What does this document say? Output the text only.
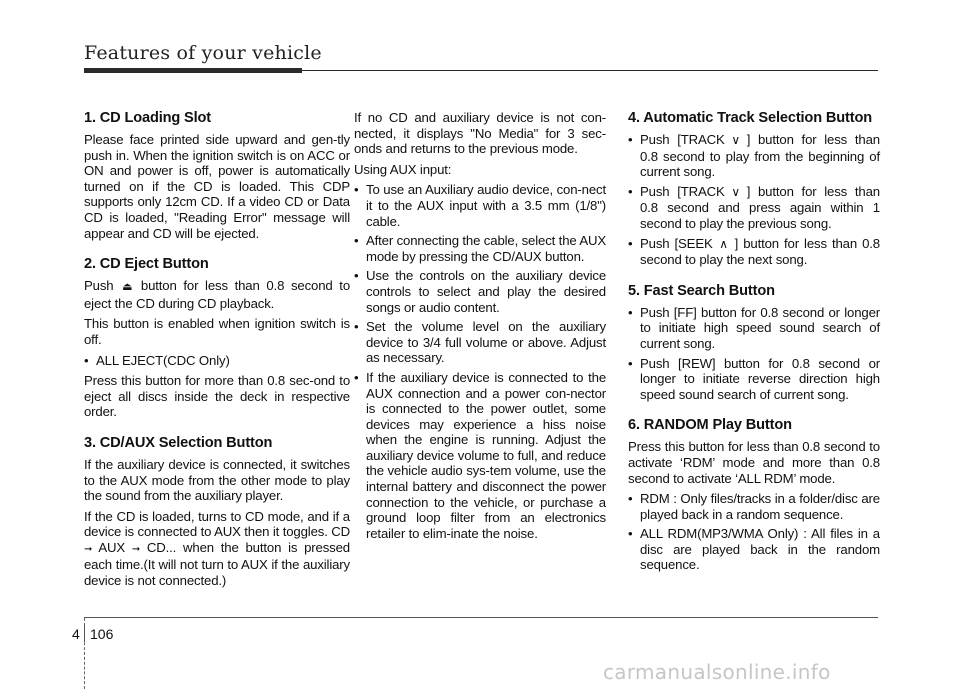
Features of your vehicle
1. CD Loading Slot

Please face printed side upward and gen-tly push in. When the ignition switch is on ACC or ON and power is off, power is automatically turned on if the CD is loaded. This CDP supports only 12cm CD. If a video CD or Data CD is loaded, "Reading Error" message will appear and CD will be ejected.

2. CD Eject Button

Push ⏏ button for less than 0.8 second to eject the CD during CD playback.

This button is enabled when ignition switch is off.

• ALL EJECT(CDC Only)

Press this button for more than 0.8 sec-ond to eject all discs inside the deck in respective order.

3. CD/AUX Selection Button

If the auxiliary device is connected, it switches to the AUX mode from the other mode to play the sound from the auxiliary player.

If the CD is loaded, turns to CD mode, and if a device is connected to AUX then it toggles. CD ➞ AUX ➞ CD... when the button is pressed each time.(It will not turn to AUX if the auxiliary device is not connected.)

If no CD and auxiliary device is not con-nected, it displays "No Media" for 3 sec-onds and returns to the previous mode.

Using AUX input:

• To use an Auxiliary audio device, con-nect it to the AUX input with a 3.5 mm (1/8") cable.
• After connecting the cable, select the AUX mode by pressing the CD/AUX button.
• Use the controls on the auxiliary device controls to select and play the desired songs or audio content.
• Set the volume level on the auxiliary device to 3/4 full volume or above. Adjust as necessary.
• If the auxiliary device is connected to the AUX connection and a power con-nector is connected to the power outlet, some devices may experience a hiss noise when the engine is running. Adjust the auxiliary device volume to full, and reduce the vehicle audio sys-tem volume, use the internal battery and disconnect the power connection to the vehicle, or purchase a ground loop filter from an electronics retailer to elim-inate the noise.
4. Automatic Track Selection Button
• Push [TRACK ∨ ] button for less than 0.8 second to play from the beginning of current song.
• Push [TRACK ∨ ] button for less than 0.8 second and press again within 1 second to play the previous song.
• Push [SEEK ∧ ] button for less than 0.8 second to play the next song.
5. Fast Search Button
• Push [FF] button for 0.8 second or longer to initiate high speed sound search of current song.
• Push [REW] button for 0.8 second or longer to initiate reverse direction high speed sound search of current song.
6. RANDOM Play Button

Press this button for less than 0.8 second to activate ‘RDM’ mode and more than 0.8 second to activate ‘ALL RDM’ mode.

• RDM : Only files/tracks in a folder/disc are played back in a random sequence.
• ALL RDM(MP3/WMA Only) : All files in a disc are played back in the random sequence.
4 106
carmanualsonline.info
